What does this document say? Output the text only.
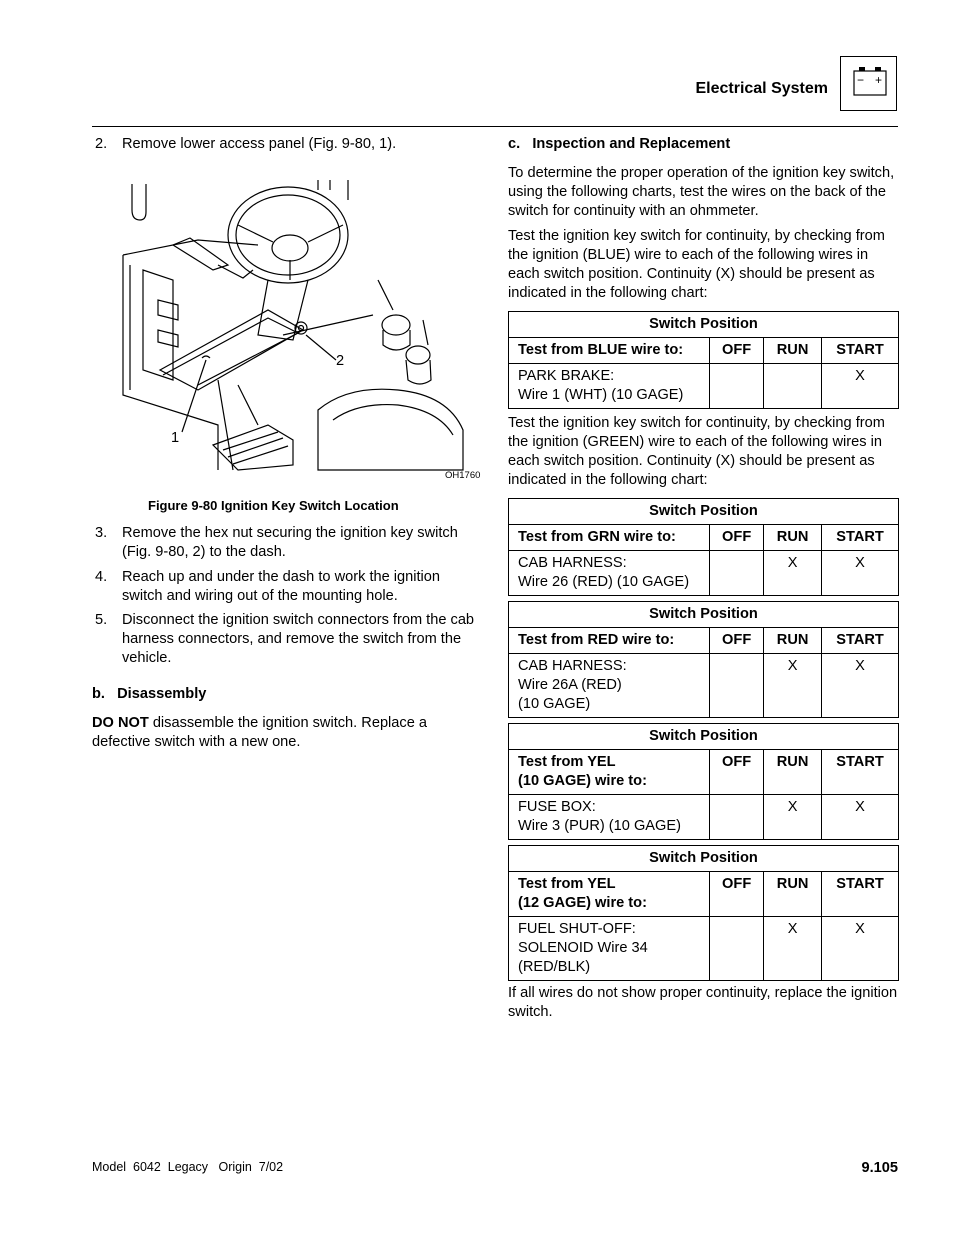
Electrical System − +
2. Remove lower access panel (Fig. 9-80, 1).
2
1
OH1760
Figure 9-80 Ignition Key Switch Location
3. Remove the hex nut securing the ignition key switch (Fig. 9-80, 2) to the dash.
4. Reach up and under the dash to work the ignition switch and wiring out of the mounting hole.
5. Disconnect the ignition switch connectors from the cab harness connectors, and remove the switch from the vehicle.
b.   Disassembly

DO NOT disassemble the ignition switch. Replace a defective switch with a new one.

c.   Inspection and Replacement

To determine the proper operation of the ignition key switch, using the following charts, test the wires on the back of the switch for continuity with an ohmmeter.

Test the ignition key switch for continuity, by checking from the ignition (BLUE) wire to each of the following wires in each switch position. Continuity (X) should be present as indicated in the following chart:

Switch Position			
Test from BLUE wire to:	OFF	RUN	START

PARK BRAKE:
Wire 1 (WHT) (10 GAGE)			X

Test the ignition key switch for continuity, by checking from the ignition (GREEN) wire to each of the following wires in each switch position. Continuity (X) should be present as indicated in the following chart:

Switch Position			
Test from GRN wire to:	OFF	RUN	START

CAB HARNESS:
Wire 26 (RED) (10 GAGE)		X	X
Switch Position			
Test from RED wire to:	OFF	RUN	START

CAB HARNESS:
Wire 26A (RED)
(10 GAGE)		X	X
Switch Position			

Test from YEL
(10 GAGE) wire to:	OFF	RUN	START

FUSE BOX:
Wire 3 (PUR) (10 GAGE)		X	X
Switch Position			

Test from YEL
(12 GAGE) wire to:	OFF	RUN	START

FUEL SHUT-OFF:
SOLENOID Wire 34
(RED/BLK)		X	X

If all wires do not show proper continuity, replace the ignition switch.

Model  6042  Legacy   Origin  7/02	9.105
